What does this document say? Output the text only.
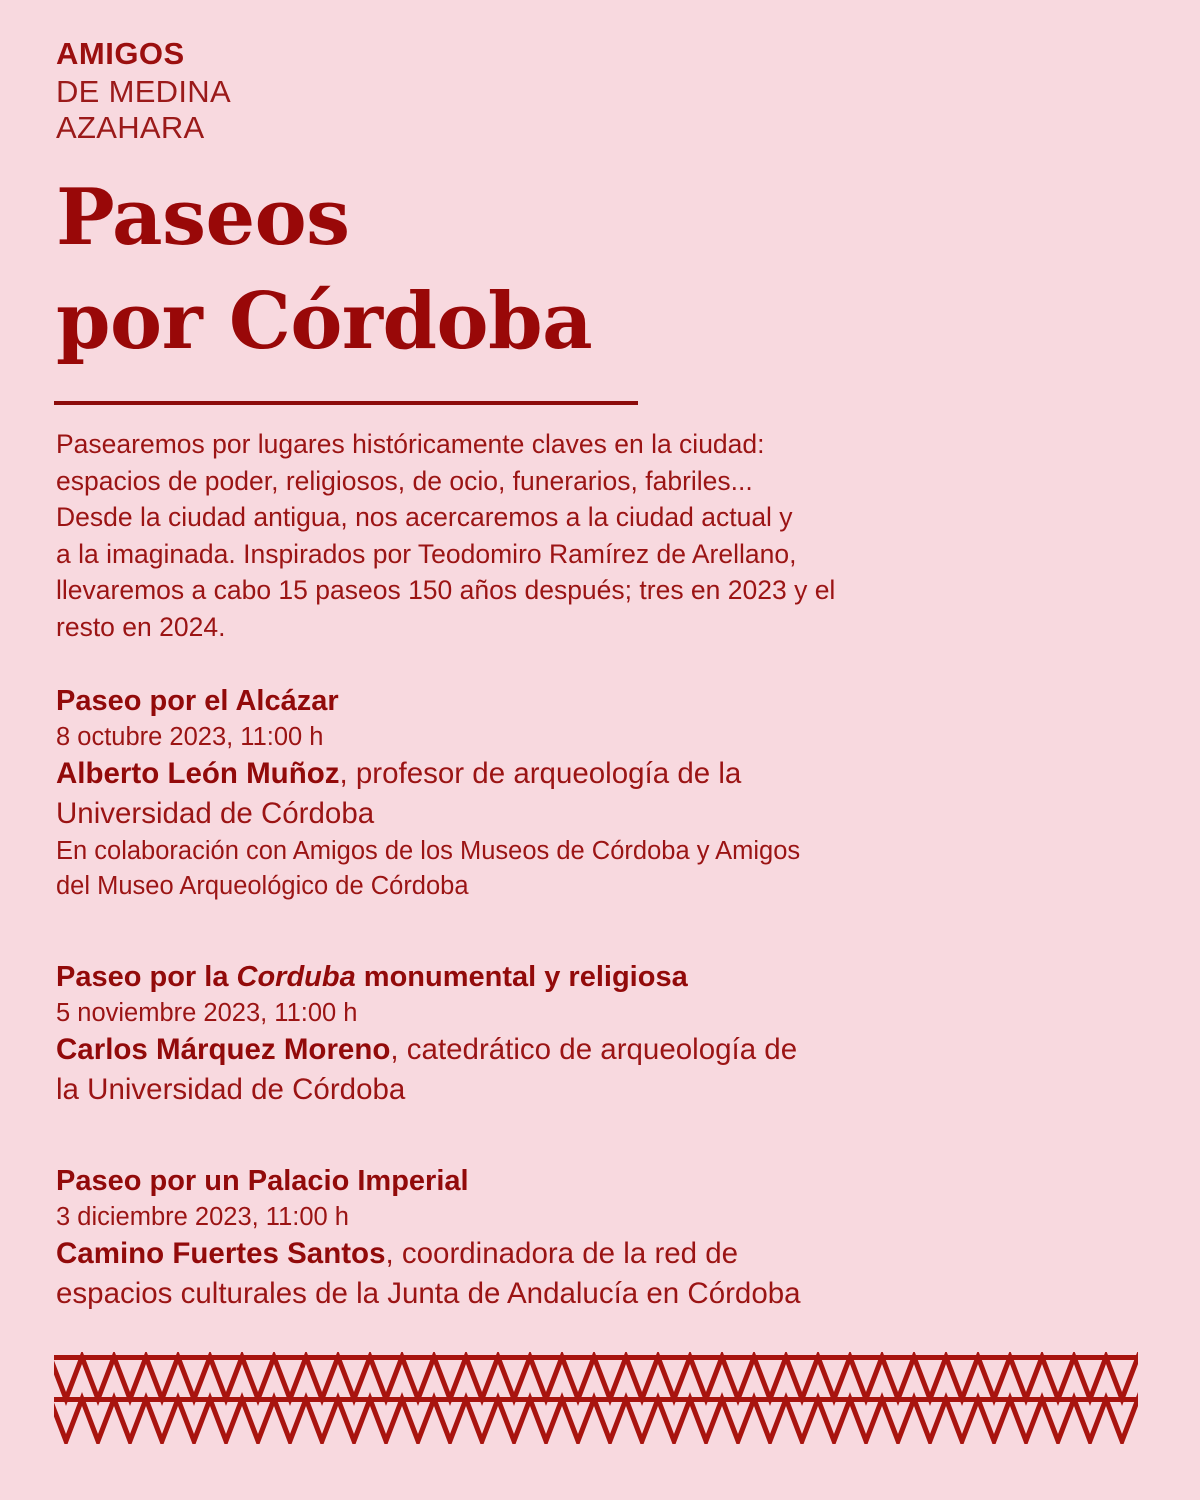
AMIGOS
DE MEDINA
AZAHARA
Paseos
por Córdoba
Pasearemos por lugares históricamente claves en la ciudad:
espacios de poder, religiosos, de ocio, funerarios, fabriles...
Desde la ciudad antigua, nos acercaremos a la ciudad actual y
a la imaginada. Inspirados por Teodomiro Ramírez de Arellano,
llevaremos a cabo 15 paseos 150 años después; tres en 2023 y el
resto en 2024.
Paseo por el Alcázar
8 octubre 2023, 11:00 h
Alberto León Muñoz, profesor de arqueología de la
Universidad de Córdoba
En colaboración con Amigos de los Museos de Córdoba y Amigos
del Museo Arqueológico de Córdoba
Paseo por la Corduba monumental y religiosa
5 noviembre 2023, 11:00 h
Carlos Márquez Moreno, catedrático de arqueología de
la Universidad de Córdoba
Paseo por un Palacio Imperial
3 diciembre 2023, 11:00 h
Camino Fuertes Santos, coordinadora de la red de
espacios culturales de la Junta de Andalucía en Córdoba
